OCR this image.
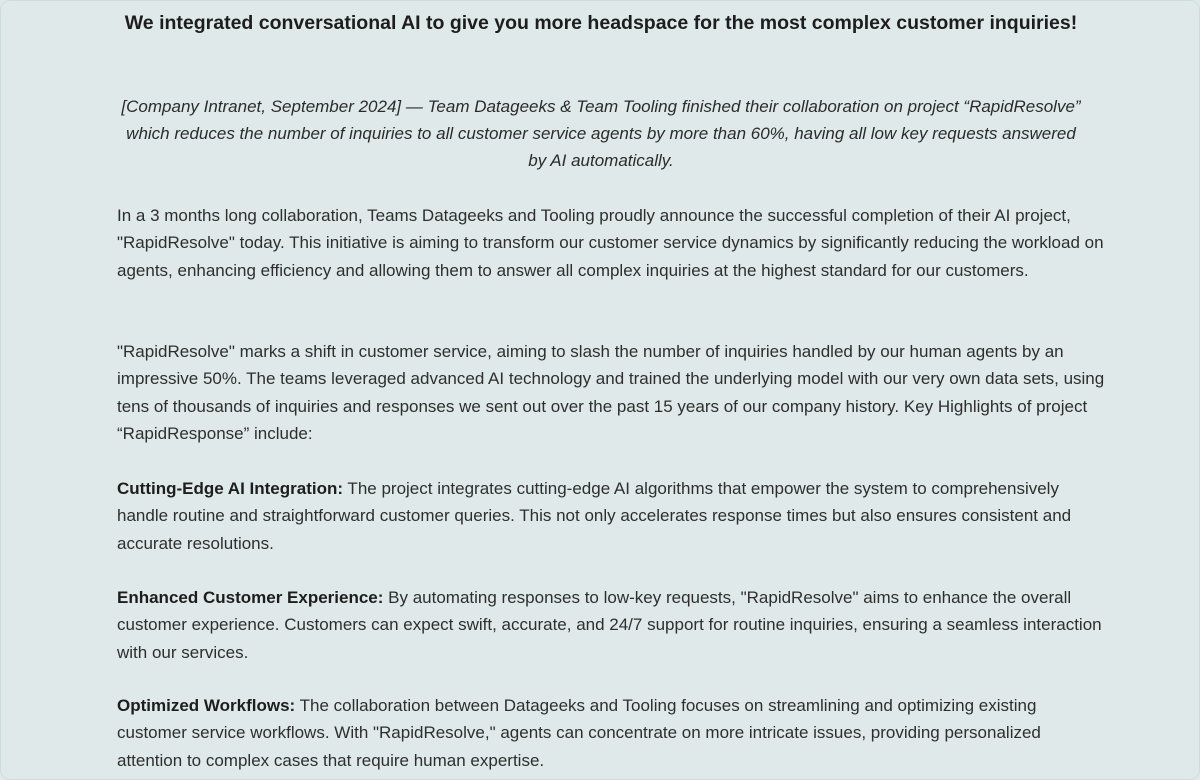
We integrated conversational AI to give you more headspace for the most complex customer inquiries!

[Company Intranet, September 2024] — Team Datageeks & Team Tooling finished their collaboration on project “RapidResolve” which reduces the number of inquiries to all customer service agents by more than 60%, having all low key requests answered by AI automatically.

In a 3 months long collaboration, Teams Datageeks and Tooling proudly announce the successful completion of their AI project, "RapidResolve" today. This initiative is aiming to transform our customer service dynamics by significantly reducing the workload on agents, enhancing efficiency and allowing them to answer all complex inquiries at the highest standard for our customers.

"RapidResolve" marks a shift in customer service, aiming to slash the number of inquiries handled by our human agents by an impressive 50%. The teams leveraged advanced AI technology and trained the underlying model with our very own data sets, using tens of thousands of inquiries and responses we sent out over the past 15 years of our company history. Key Highlights of project “RapidResponse” include:

Cutting-Edge AI Integration: The project integrates cutting-edge AI algorithms that empower the system to comprehensively handle routine and straightforward customer queries. This not only accelerates response times but also ensures consistent and accurate resolutions.

Enhanced Customer Experience: By automating responses to low-key requests, "RapidResolve" aims to enhance the overall customer experience. Customers can expect swift, accurate, and 24/7 support for routine inquiries, ensuring a seamless interaction with our services.

Optimized Workflows: The collaboration between Datageeks and Tooling focuses on streamlining and optimizing existing customer service workflows. With "RapidResolve," agents can concentrate on more intricate issues, providing personalized attention to complex cases that require human expertise.
